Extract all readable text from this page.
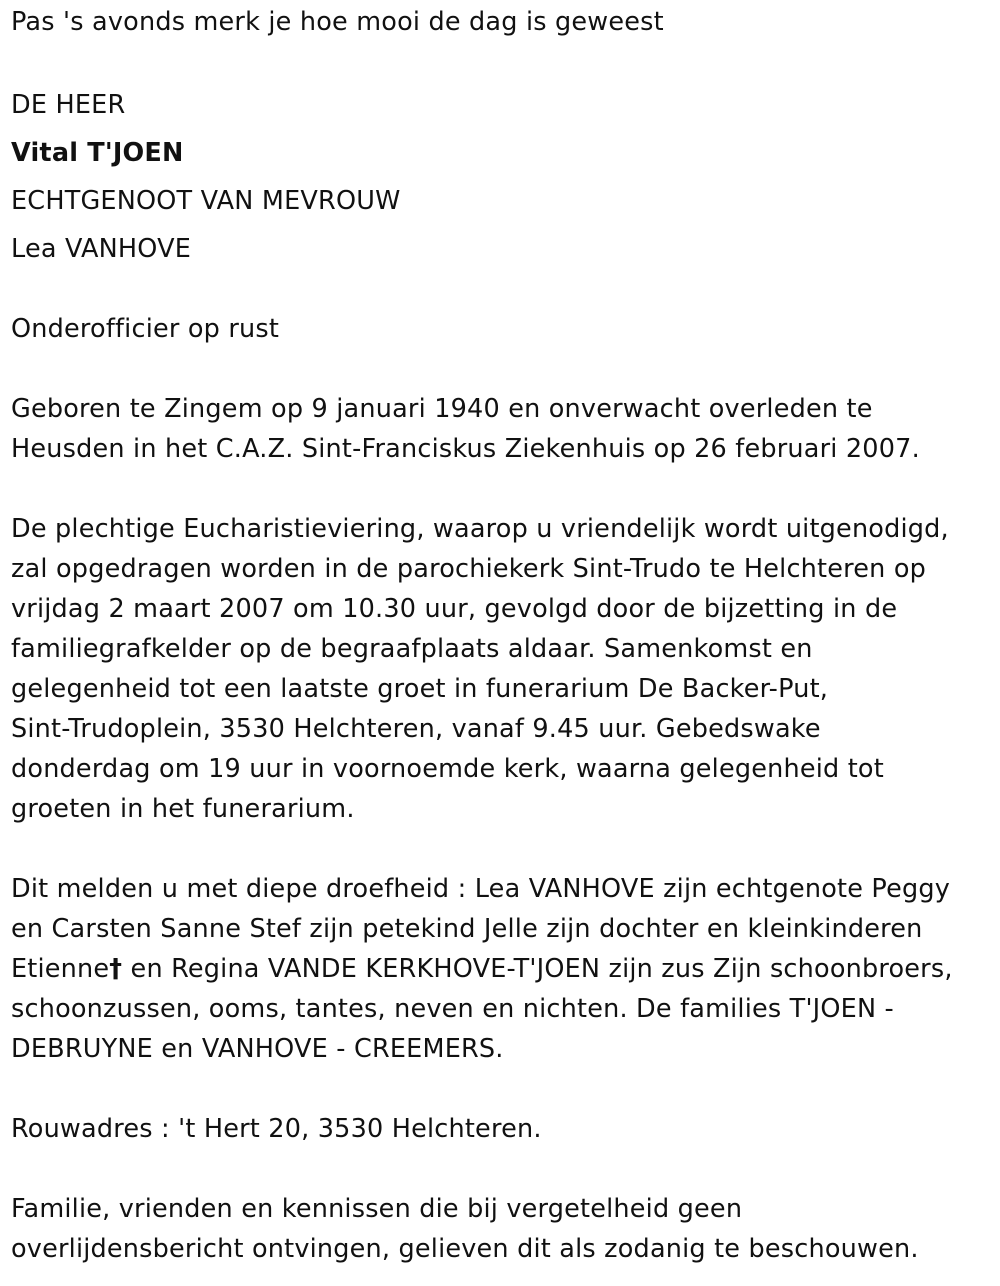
Pas 's avonds merk je hoe mooi de dag is geweest
DE HEER
Vital T'JOEN
ECHTGENOOT VAN MEVROUW
Lea VANHOVE
Onderofficier op rust
Geboren te Zingem op 9 januari 1940 en onverwacht overleden te
Heusden in het C.A.Z. Sint-Franciskus Ziekenhuis op 26 februari 2007.
De plechtige Eucharistieviering, waarop u vriendelijk wordt uitgenodigd,
zal opgedragen worden in de parochiekerk Sint-Trudo te Helchteren op
vrijdag 2 maart 2007 om 10.30 uur, gevolgd door de bijzetting in de
familiegrafkelder op de begraafplaats aldaar. Samenkomst en
gelegenheid tot een laatste groet in funerarium De Backer-Put,
Sint-Trudoplein, 3530 Helchteren, vanaf 9.45 uur. Gebedswake
donderdag om 19 uur in voornoemde kerk, waarna gelegenheid tot
groeten in het funerarium.
Dit melden u met diepe droefheid : Lea VANHOVE zijn echtgenote Peggy
en Carsten Sanne Stef zijn petekind Jelle zijn dochter en kleinkinderen
Etienne† en Regina VANDE KERKHOVE-T'JOEN zijn zus Zijn schoonbroers,
schoonzussen, ooms, tantes, neven en nichten. De families T'JOEN -
DEBRUYNE en VANHOVE - CREEMERS.
Rouwadres : 't Hert 20, 3530 Helchteren.
Familie, vrienden en kennissen die bij vergetelheid geen
overlijdensbericht ontvingen, gelieven dit als zodanig te beschouwen.
